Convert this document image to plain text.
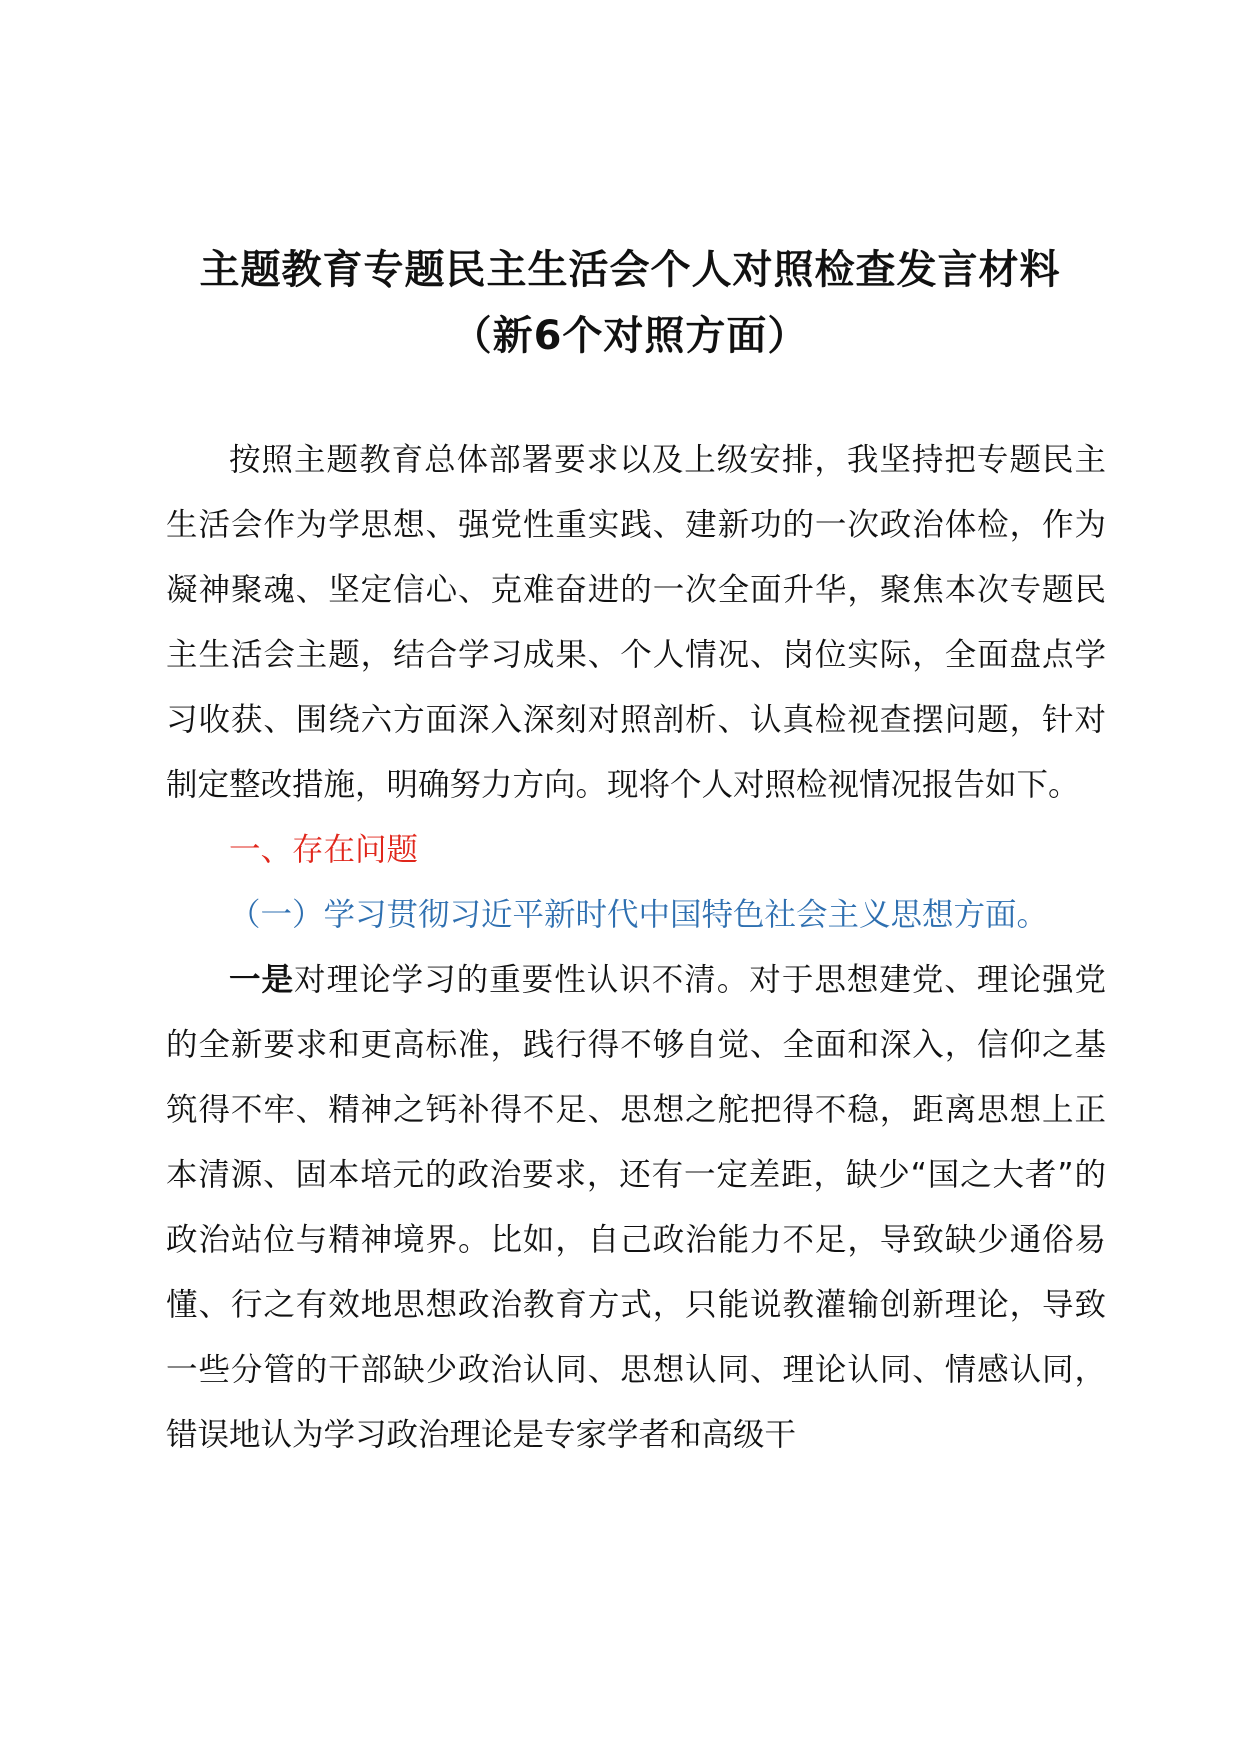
主题教育专题民主生活会个人对照检查发言材料
（新6个对照方面）

按照主题教育总体部署要求以及上级安排，我坚持把专题民主生活会作为学思想、强党性重实践、建新功的一次政治体检，作为凝神聚魂、坚定信心、克难奋进的一次全面升华，聚焦本次专题民主生活会主题，结合学习成果、个人情况、岗位实际，全面盘点学习收获、围绕六方面深入深刻对照剖析、认真检视查摆问题，针对制定整改措施，明确努力方向。现将个人对照检视情况报告如下。

一、存在问题

（一）学习贯彻习近平新时代中国特色社会主义思想方面。

一是对理论学习的重要性认识不清。对于思想建党、理论强党的全新要求和更高标准，践行得不够自觉、全面和深入，信仰之基筑得不牢、精神之钙补得不足、思想之舵把得不稳，距离思想上正本清源、固本培元的政治要求，还有一定差距，缺少“国之大者”的政治站位与精神境界。比如，自己政治能力不足，导致缺少通俗易懂、行之有效地思想政治教育方式，只能说教灌输创新理论，导致一些分管的干部缺少政治认同、思想认同、理论认同、情感认同，错误地认为学习政治理论是专家学者和高级干
